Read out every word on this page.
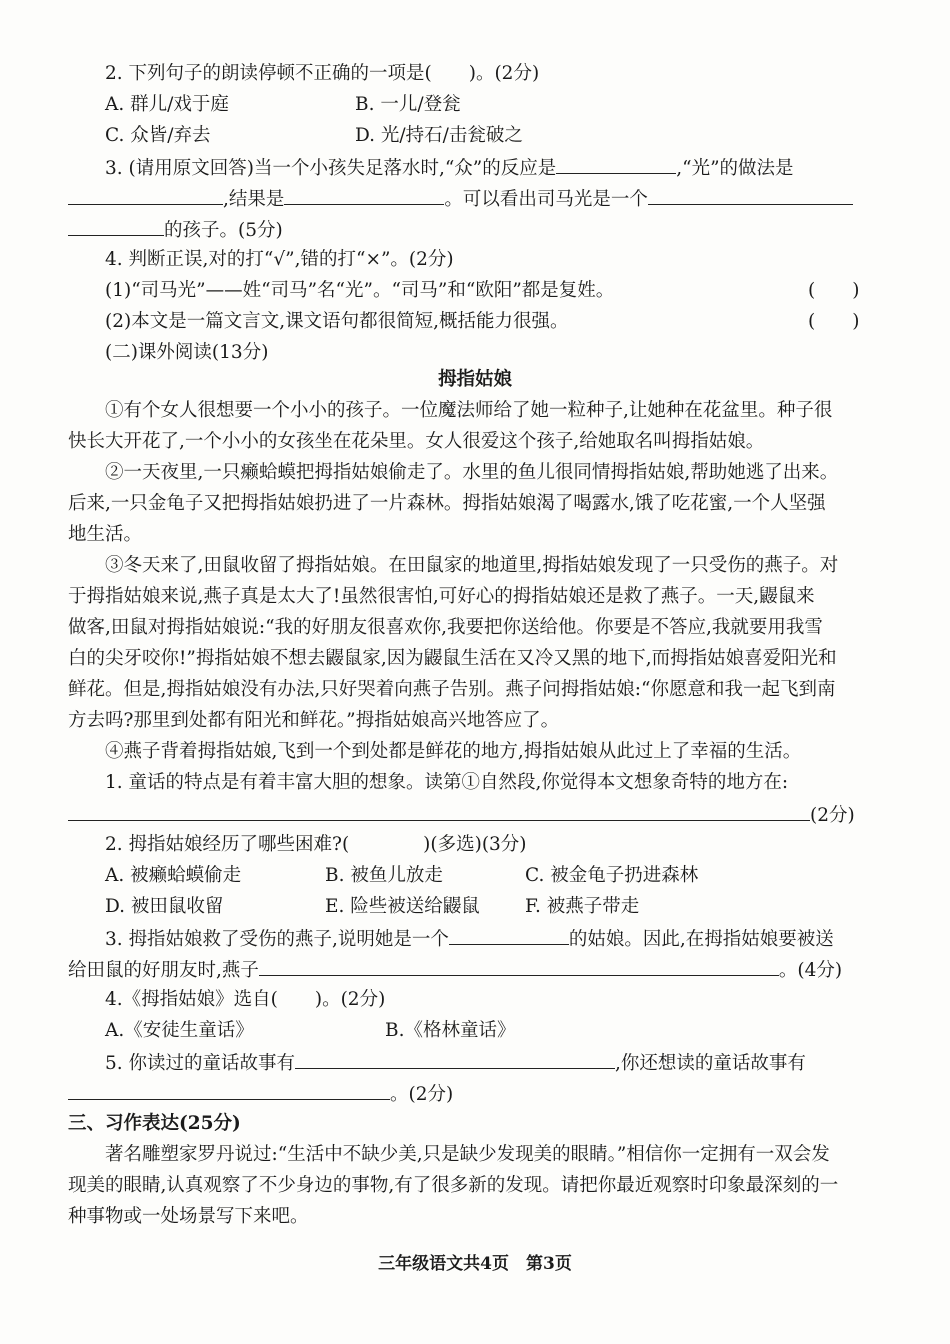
2. 下列句子的朗读停顿不正确的一项是(　　)。(2分)
A. 群儿/戏于庭	B. 一儿/登瓮
C. 众皆/弃去	D. 光/持石/击瓮破之
3. (请用原文回答)当一个小孩失足落水时,“众”的反应是	,“光”的做法是
,结果是	。可以看出司马光是一个
的孩子。(5分)
4. 判断正误,对的打“√”,错的打“×”。(2分)
(1)“司马光”——姓“司马”名“光”。“司马”和“欧阳”都是复姓。	(　　)
(2)本文是一篇文言文,课文语句都很简短,概括能力很强。	(　　)
(二)课外阅读(13分)
拇指姑娘
①有个女人很想要一个小小的孩子。一位魔法师给了她一粒种子,让她种在花盆里。种子很
快长大开花了,一个小小的女孩坐在花朵里。女人很爱这个孩子,给她取名叫拇指姑娘。
②一天夜里,一只癞蛤蟆把拇指姑娘偷走了。水里的鱼儿很同情拇指姑娘,帮助她逃了出来。
后来,一只金龟子又把拇指姑娘扔进了一片森林。拇指姑娘渴了喝露水,饿了吃花蜜,一个人坚强
地生活。
③冬天来了,田鼠收留了拇指姑娘。在田鼠家的地道里,拇指姑娘发现了一只受伤的燕子。对
于拇指姑娘来说,燕子真是太大了!虽然很害怕,可好心的拇指姑娘还是救了燕子。一天,鼹鼠来
做客,田鼠对拇指姑娘说:“我的好朋友很喜欢你,我要把你送给他。你要是不答应,我就要用我雪
白的尖牙咬你!”拇指姑娘不想去鼹鼠家,因为鼹鼠生活在又冷又黑的地下,而拇指姑娘喜爱阳光和
鲜花。但是,拇指姑娘没有办法,只好哭着向燕子告别。燕子问拇指姑娘:“你愿意和我一起飞到南
方去吗?那里到处都有阳光和鲜花。”拇指姑娘高兴地答应了。
④燕子背着拇指姑娘,飞到一个到处都是鲜花的地方,拇指姑娘从此过上了幸福的生活。
1. 童话的特点是有着丰富大胆的想象。读第①自然段,你觉得本文想象奇特的地方在:
(2分)
2. 拇指姑娘经历了哪些困难?(　　　　)(多选)(3分)
A. 被癞蛤蟆偷走	B. 被鱼儿放走	C. 被金龟子扔进森林
D. 被田鼠收留	E. 险些被送给鼹鼠 F. 被燕子带走
3. 拇指姑娘救了受伤的燕子,说明她是一个	的姑娘。因此,在拇指姑娘要被送
给田鼠的好朋友时,燕子	。(4分)
4.《拇指姑娘》选自(　　)。(2分)
A.《安徒生童话》	B.《格林童话》
5. 你读过的童话故事有	,你还想读的童话故事有
。(2分)
三、习作表达(25分)
著名雕塑家罗丹说过:“生活中不缺少美,只是缺少发现美的眼睛。”相信你一定拥有一双会发
现美的眼睛,认真观察了不少身边的事物,有了很多新的发现。请把你最近观察时印象最深刻的一
种事物或一处场景写下来吧。
三年级语文共4页　第3页
